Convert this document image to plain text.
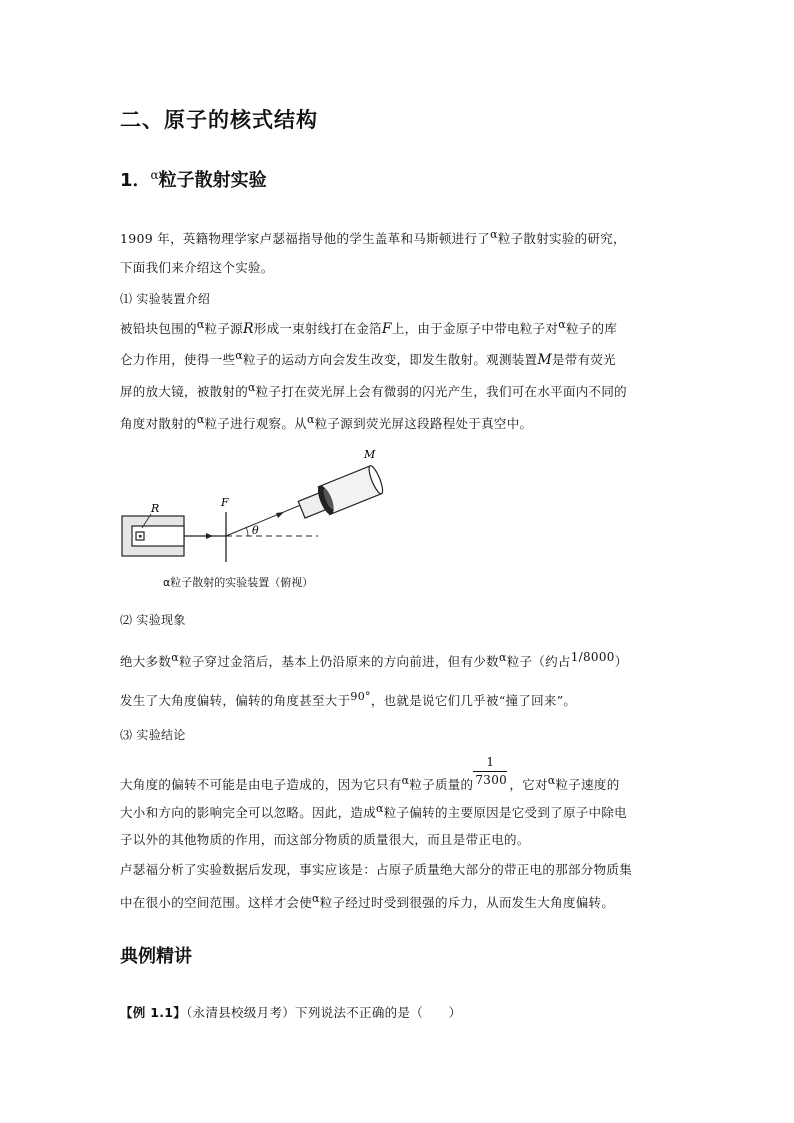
二、原子的核式结构
1．$^\alpha$粒子散射实验
1909 年，英籍物理学家卢瑟福指导他的学生盖革和马斯顿进行了α粒子散射实验的研究，
下面我们来介绍这个实验。
⑴ 实验装置介绍
被铅块包围的α粒子源R形成一束射线打在金箔F上，由于金原子中带电粒子对α粒子的库
仑力作用，使得一些α粒子的运动方向会发生改变，即发生散射。观测装置M是带有荧光
屏的放大镜，被散射的α粒子打在荧光屏上会有微弱的闪光产生，我们可在水平面内不同的
角度对散射的α粒子进行观察。从α粒子源到荧光屏这段路程处于真空中。
R	F
θ
M
α粒子散射的实验装置（俯视）
⑵ 实验现象
绝大多数α粒子穿过金箔后，基本上仍沿原来的方向前进，但有少数α粒子（约占1/8000）
发生了大角度偏转，偏转的角度甚至大于90°，也就是说它们几乎被“撞了回来”。
⑶ 实验结论
大角度的偏转不可能是由电子造成的，因为它只有α粒子质量的 $\frac{1}{7300}$ ，它对α粒子速度的
大小和方向的影响完全可以忽略。因此，造成α粒子偏转的主要原因是它受到了原子中除电
子以外的其他物质的作用，而这部分物质的质量很大，而且是带正电的。
卢瑟福分析了实验数据后发现，事实应该是：占原子质量绝大部分的带正电的那部分物质集
中在很小的空间范围。这样才会使α粒子经过时受到很强的斥力，从而发生大角度偏转。
典例精讲
【例 1.1】（永清县校级月考）下列说法不正确的是（　　）
